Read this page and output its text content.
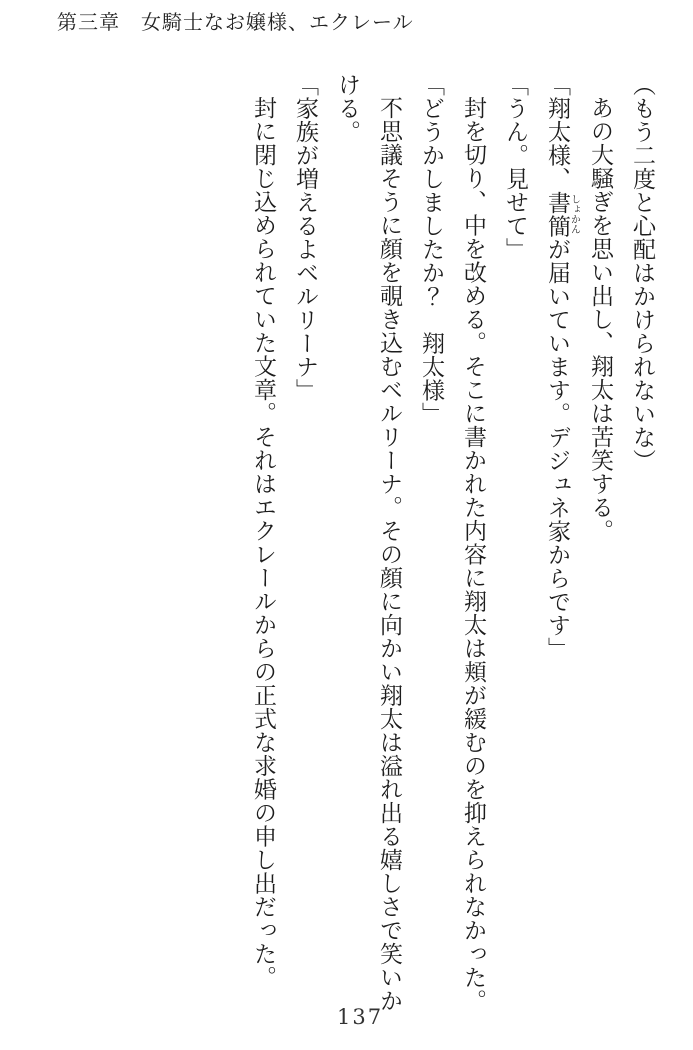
第三章　女騎士なお嬢様、エクレール
（もう二度と心配はかけられないな）
あの大騒ぎを思い出し、翔太は苦笑する。
「翔太様、書簡しょかんが届いています。デジュネ家からです」
「うん。見せて」
封を切り、中を改める。そこに書かれた内容に翔太は頬が緩むのを抑えられなかった。
「どうかしましたか？　翔太様」
不思議そうに顔を覗き込むベルリーナ。その顔に向かい翔太は溢れ出る嬉しさで笑いか
ける。
「家族が増えるよベルリーナ」
封に閉じ込められていた文章。それはエクレールからの正式な求婚の申し出だった。
137
